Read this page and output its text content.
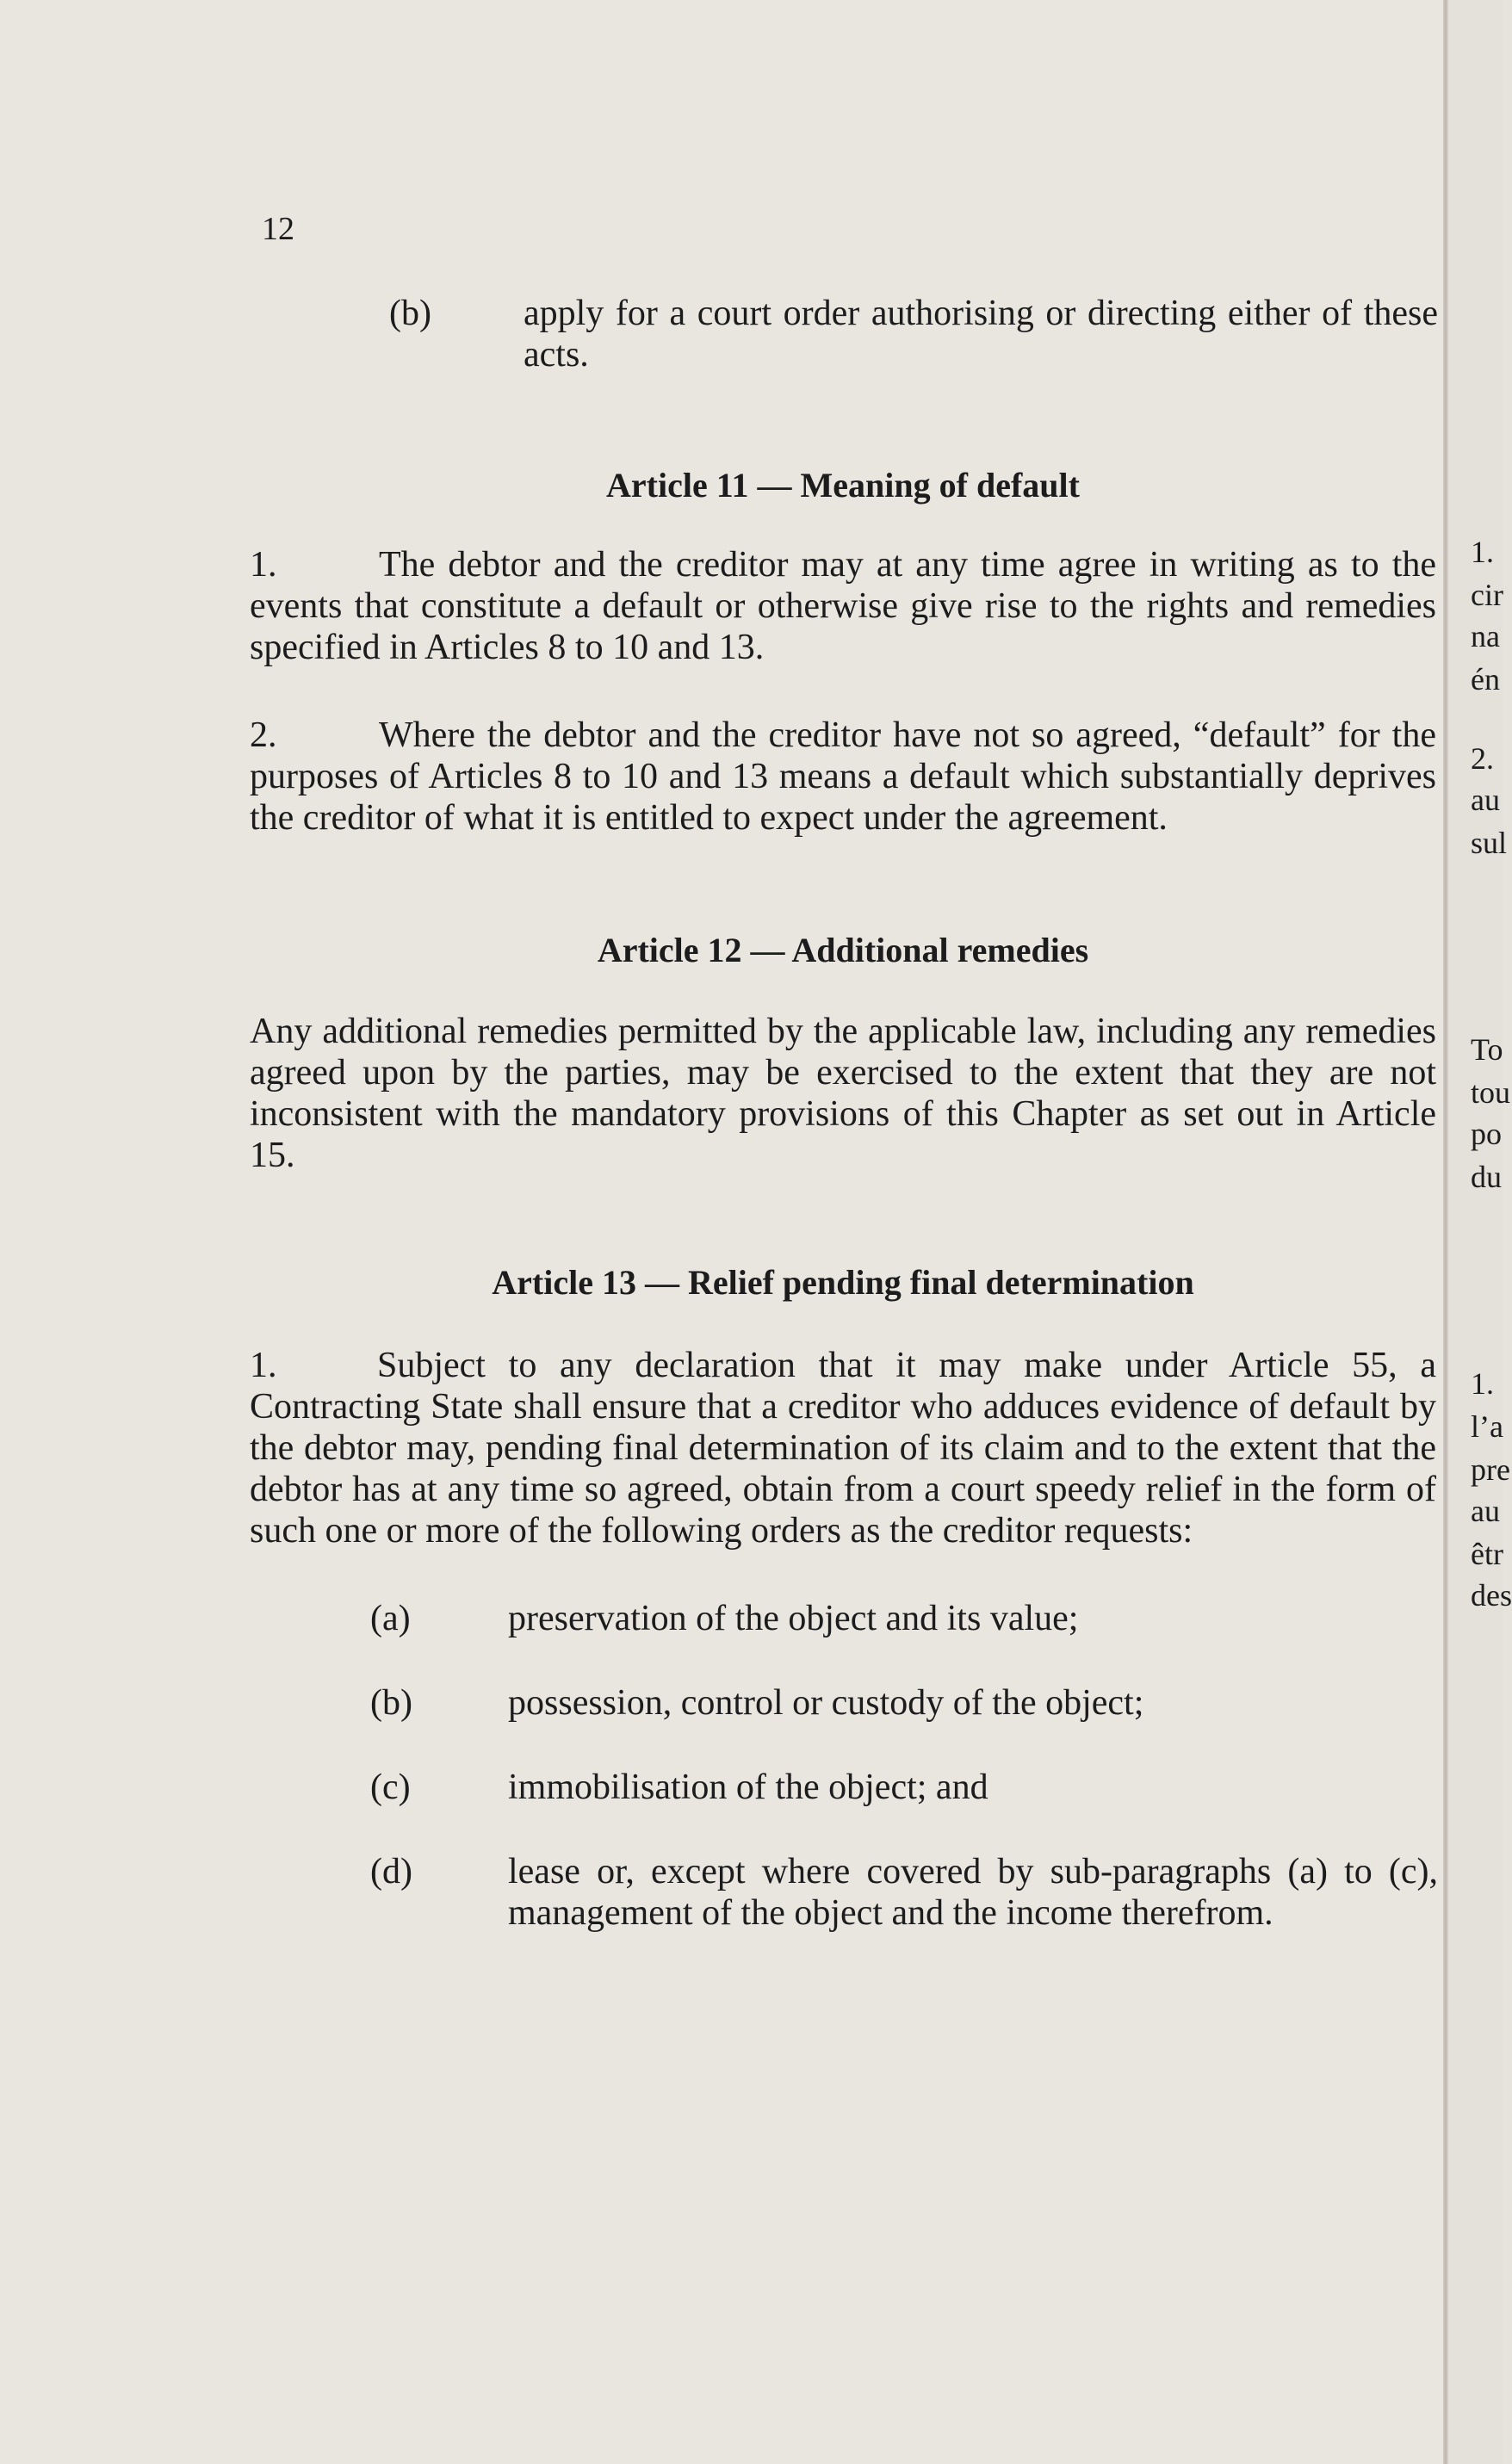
12
(b)	apply for a court order authorising or directing either of these acts.
Article 11 — Meaning of default
1.	The debtor and the creditor may at any time agree in writing as to the events that constitute a default or otherwise give rise to the rights and remedies specified in Articles 8 to 10 and 13.
2.	Where the debtor and the creditor have not so agreed, “default” for the purposes of Articles 8 to 10 and 13 means a default which substantially deprives the creditor of what it is entitled to expect under the agreement.
Article 12 — Additional remedies
Any additional remedies permitted by the applicable law, including any remedies agreed upon by the parties, may be exercised to the extent that they are not inconsistent with the mandatory provisions of this Chapter as set out in Article 15.
Article 13 — Relief pending final determination
1.	Subject to any declaration that it may make under Article 55, a Contracting State shall ensure that a creditor who adduces evidence of default by the debtor may, pending final determination of its claim and to the extent that the debtor has at any time so agreed, obtain from a court speedy relief in the form of such one or more of the following orders as the creditor requests:
(a)	preservation of the object and its value;
(b)	possession, control or custody of the object;
(c)	immobilisation of the object; and
(d)	lease or, except where covered by sub-paragraphs (a) to (c), management of the object and the income therefrom.
1.
cir
na
én
2.
au
sul
To
tou
po
du
1.
l’a
pre
au
êtr
des
